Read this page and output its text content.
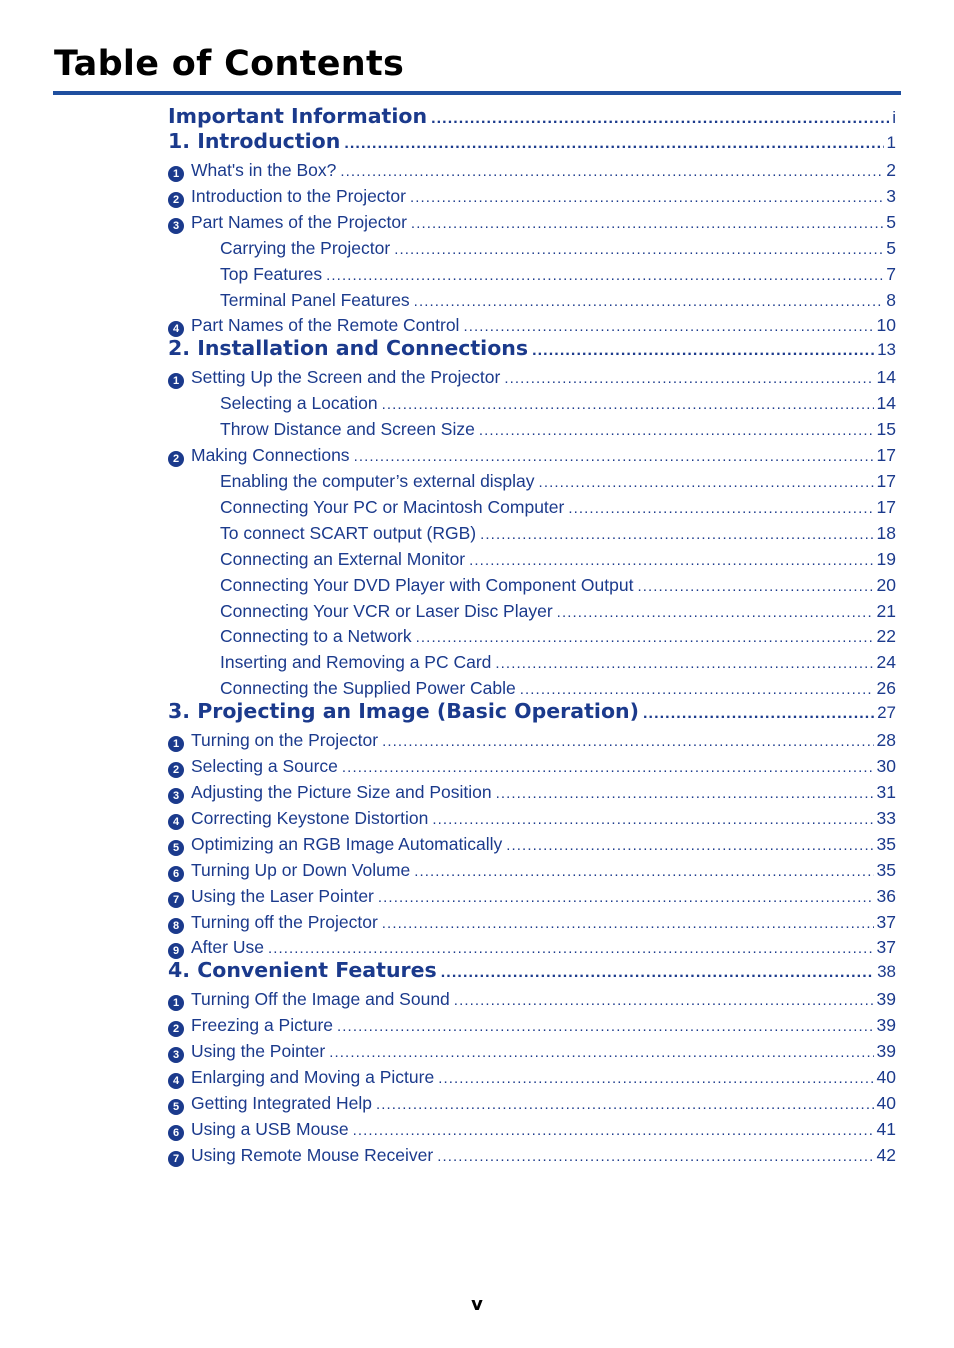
Table of Contents
Important Information .....	i
1. Introduction .....	1
1 What's in the Box? .....	2
2 Introduction to the Projector .....	3
3 Part Names of the Projector .....	5
Carrying the Projector .....	5
Top Features .....	7
Terminal Panel Features .....	8
4 Part Names of the Remote Control .....	10
2. Installation and Connections .....	13
1 Setting Up the Screen and the Projector .....	14
Selecting a Location .....	14
Throw Distance and Screen Size .....	15
2 Making Connections .....	17
Enabling the computer’s external display .....	17
Connecting Your PC or Macintosh Computer .....	17
To connect SCART output (RGB) .....	18
Connecting an External Monitor .....	19
Connecting Your DVD Player with Component Output .....	20
Connecting Your VCR or Laser Disc Player .....	21
Connecting to a Network .....	22
Inserting and Removing a PC Card .....	24
Connecting the Supplied Power Cable .....	26
3. Projecting an Image (Basic Operation) .....	27
1 Turning on the Projector .....	28
2 Selecting a Source .....	30
3 Adjusting the Picture Size and Position .....	31
4 Correcting Keystone Distortion .....	33
5 Optimizing an RGB Image Automatically .....	35
6 Turning Up or Down Volume .....	35
7 Using the Laser Pointer .....	36
8 Turning off the Projector .....	37
9 After Use .....	37
4. Convenient Features .....	38
1 Turning Off the Image and Sound .....	39
2 Freezing a Picture .....	39
3 Using the Pointer .....	39
4 Enlarging and Moving a Picture .....	40
5 Getting Integrated Help .....	40
6 Using a USB Mouse .....	41
7 Using Remote Mouse Receiver .....	42
v
